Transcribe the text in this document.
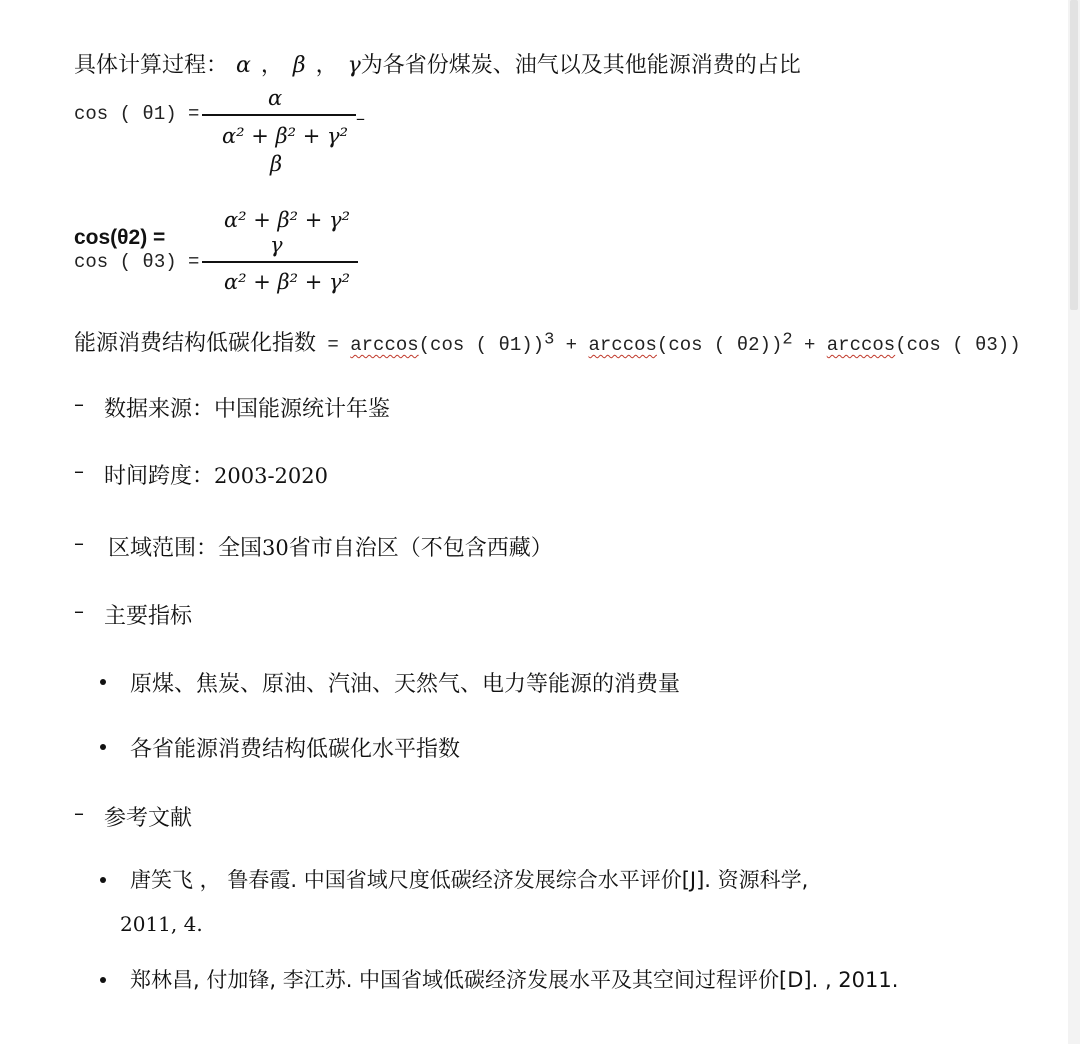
具体计算过程： α ， β ， γ为各省份煤炭、油气以及其他能源消费的占比
cos ( θ1) =
α
–
α² + β² + γ²
β
α² + β² + γ²
cos(θ2) =	γ
cos ( θ3) =
α² + β² + γ²
能源消费结构低碳化指数 = arccos(cos ( θ1))$^3$ + arccos(cos ( θ2))$^2$ + arccos(cos ( θ3))
– 数据来源：中国能源统计年鉴
– 时间跨度：2003-2020
– 区域范围：全国30省市自治区（不包含西藏）
– 主要指标
原煤、焦炭、原油、汽油、天然气、电力等能源的消费量
各省能源消费结构低碳化水平指数
– 参考文献
唐笑飞 ， 鲁春霞. 中国省域尺度低碳经济发展综合水平评价[J]. 资源科学,
2011, 4.
郑林昌, 付加锋, 李江苏. 中国省域低碳经济发展水平及其空间过程评价[D]. , 2011.
